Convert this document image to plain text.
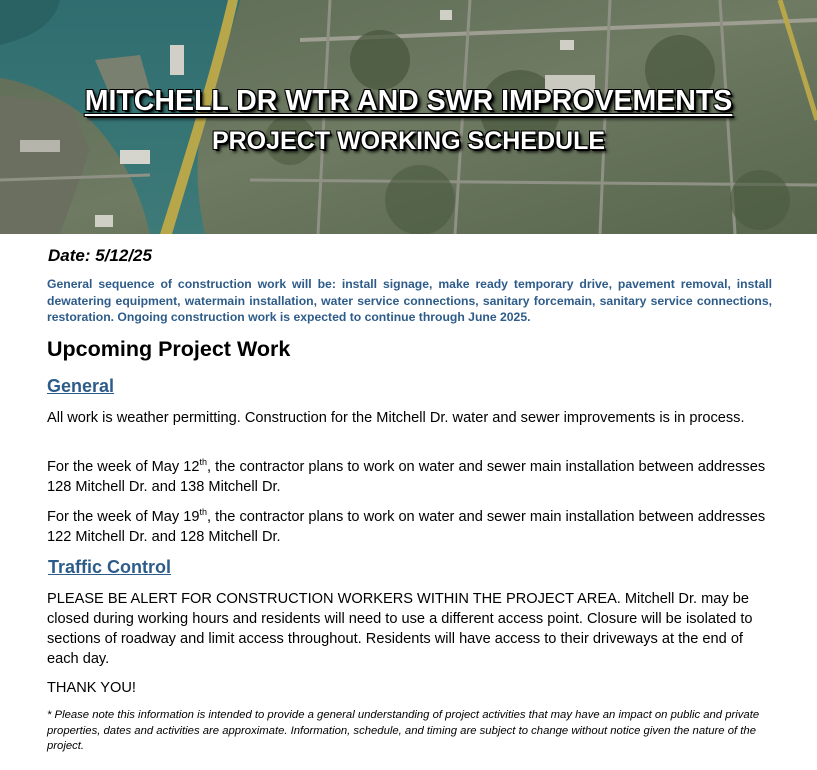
MITCHELL DR WTR AND SWR IMPROVEMENTS
PROJECT WORKING SCHEDULE
Date: 5/12/25
General sequence of construction work will be: install signage, make ready temporary drive, pavement removal, install dewatering equipment, watermain installation, water service connections, sanitary forcemain, sanitary service connections, restoration. Ongoing construction work is expected to continue through June 2025.
Upcoming Project Work
General
All work is weather permitting. Construction for the Mitchell Dr. water and sewer improvements is in process.
For the week of May 12th, the contractor plans to work on water and sewer main installation between addresses 128 Mitchell Dr. and 138 Mitchell Dr.
For the week of May 19th, the contractor plans to work on water and sewer main installation between addresses 122 Mitchell Dr. and 128 Mitchell Dr.
Traffic Control
PLEASE BE ALERT FOR CONSTRUCTION WORKERS WITHIN THE PROJECT AREA. Mitchell Dr. may be closed during working hours and residents will need to use a different access point. Closure will be isolated to sections of roadway and limit access throughout. Residents will have access to their driveways at the end of each day.
THANK YOU!
* Please note this information is intended to provide a general understanding of project activities that may have an impact on public and private properties, dates and activities are approximate. Information, schedule, and timing are subject to change without notice given the nature of the project.
